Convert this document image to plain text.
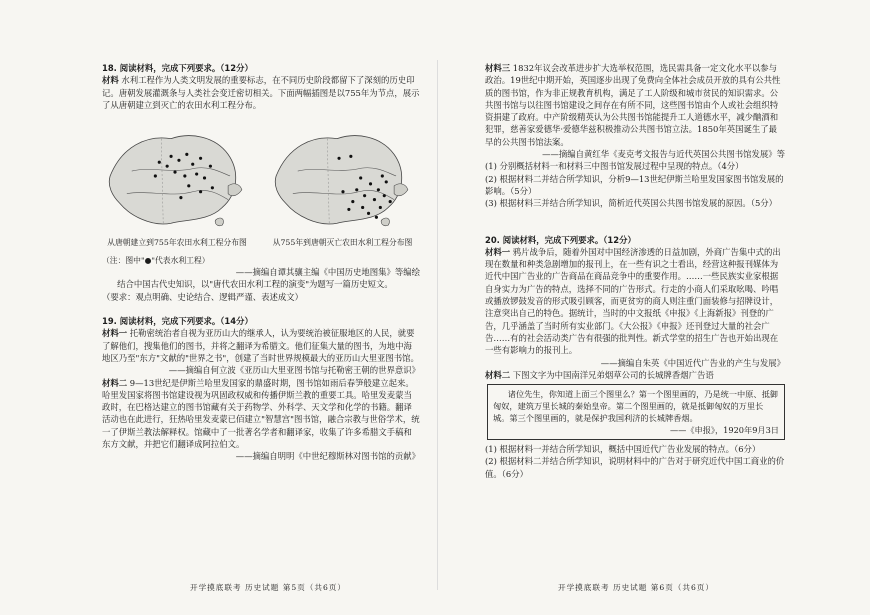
18. 阅读材料，完成下列要求。（12分）

材料 水利工程作为人类文明发展的重要标志，在不同历史阶段都留下了深刻的历史印记。唐朝发展灌溉条与人类社会变迁密切相关。下面两幅插图是以755年为节点，展示了从唐朝建立到灭亡的农田水利工程分布。

从唐朝建立到755年农田水利工程分布图	从755年到唐朝灭亡农田水利工程分布图

（注：图中"●"代表水利工程）

——摘编自谭其骧主编《中国历史地图集》等编绘

结合中国古代史知识，以"唐代农田水利工程的演变"为题写一篇历史短文。

（要求：观点明确、史论结合、逻辑严谨、表述成文）

19. 阅读材料，完成下列要求。（14分）

材料一 托勒密统治者自视为亚历山大的继承人，认为要统治被征服地区的人民，就要了解他们，搜集他们的图书，并将之翻译为希腊文。他们征集大量的图书，为地中海地区乃至"东方"文献的"世界之书"，创建了当时世界规模最大的亚历山大里亚图书馆。

——摘编自何立波《亚历山大里亚图书馆与托勒密王朝的世界意识》

材料二 9—13世纪是伊斯兰哈里发国家的鼎盛时期，图书馆如雨后春笋般建立起来。哈里发国家将图书馆建设视为巩固政权威和传播伊斯兰教的重要工具。哈里发麦蒙当政时，在巴格达建立的图书馆藏有关于药物学、外科学、天文学和化学的书籍。翻译活动也在此进行，狂热哈里发麦蒙已佰建立"智慧宫"图书馆，融合宗教与世俗学术，统一了伊斯兰教法解释权。馆藏中了一批著名学者和翻译家，收集了许多希腊文手稿和东方文献，并把它们翻译成阿拉伯文。

——摘编自明明《中世纪穆斯林对图书馆的贡献》

开学摸底联考 历史试题 第5页（共6页）

材料三 1832年议会改革进步扩大选举权范围，选民需具备一定文化水平以参与政治。19世纪中期开始，英国逐步出现了免费向全体社会成员开放的具有公共性质的图书馆，作为非正规教育机构，满足了工人阶级和城市贫民的知识需求。公共图书馆与以往图书馆建设之间存在有所不同，这些图书馆由个人或社会组织特资捐建了政府。中产阶级精英认为公共图书馆能提升工人道德水平，减少酗酒和犯罪，慈善家爱德华·爱德华兹积极推动公共图书馆立法。1850年英国诞生了最早的公共图书馆法案。

——摘编自黄红华《麦克考文报告与近代英国公共图书馆发展》等

(1) 分别概括材料一和材料三中图书馆发展过程中呈现的特点。（4分）

(2) 根据材料二并结合所学知识，分析9—13世纪伊斯兰哈里发国家图书馆发展的影响。（5分）

(3) 根据材料三并结合所学知识，简析近代英国公共图书馆发展的原因。（5分）

20. 阅读材料，完成下列要求。（12分）

材料一 鸦片战争后，随着外国对中国经济渗透的日益加剧，外商广告集中式的出现在数量和种类急剧增加的报刊上，在一些有识之士看出，经营这种报刊媒体为近代中国广告业的广告商品在商品竞争中的重要作用。……一些民族实业家根据自身实力为广告的特点，选择不同的广告形式。行走的小商人们采取吆喝、吟唱或播放锣鼓发音的形式吸引顾客，而更贫穷的商人则注重门面装修与招牌设计，注意突出自己的特色。据统计，当时的中文报纸《申报》《上海新报》刊登的广告，几乎涵盖了当时所有实业部门。《大公报》《申报》还刊登过大量的社会广告……有的社会活动类广告有很强的批判性。新式学堂的招生广告也开始出现在一些有影响力的报刊上。

——摘编自朱英《中国近代广告业的产生与发展》

材料二 下图文字为中国南洋兄弟烟草公司的长城牌香烟广告语

诸位先生，你知道上面三个图里么？第一个图里画的，乃是统一中原、抵御匈奴，建筑万里长城的秦始皇帝。第二个图里画的，就是抵御匈奴的万里长城。第三个图里画的，就是保护我国利济的长城牌香烟。

——《申报》，1920年9月3日

(1) 根据材料一并结合所学知识，概括中国近代广告业发展的特点。（6分）

(2) 根据材料二并结合所学知识，说明材料中的广告对于研究近代中国工商业的价值。（6分）

开学摸底联考 历史试题 第6页（共6页）
